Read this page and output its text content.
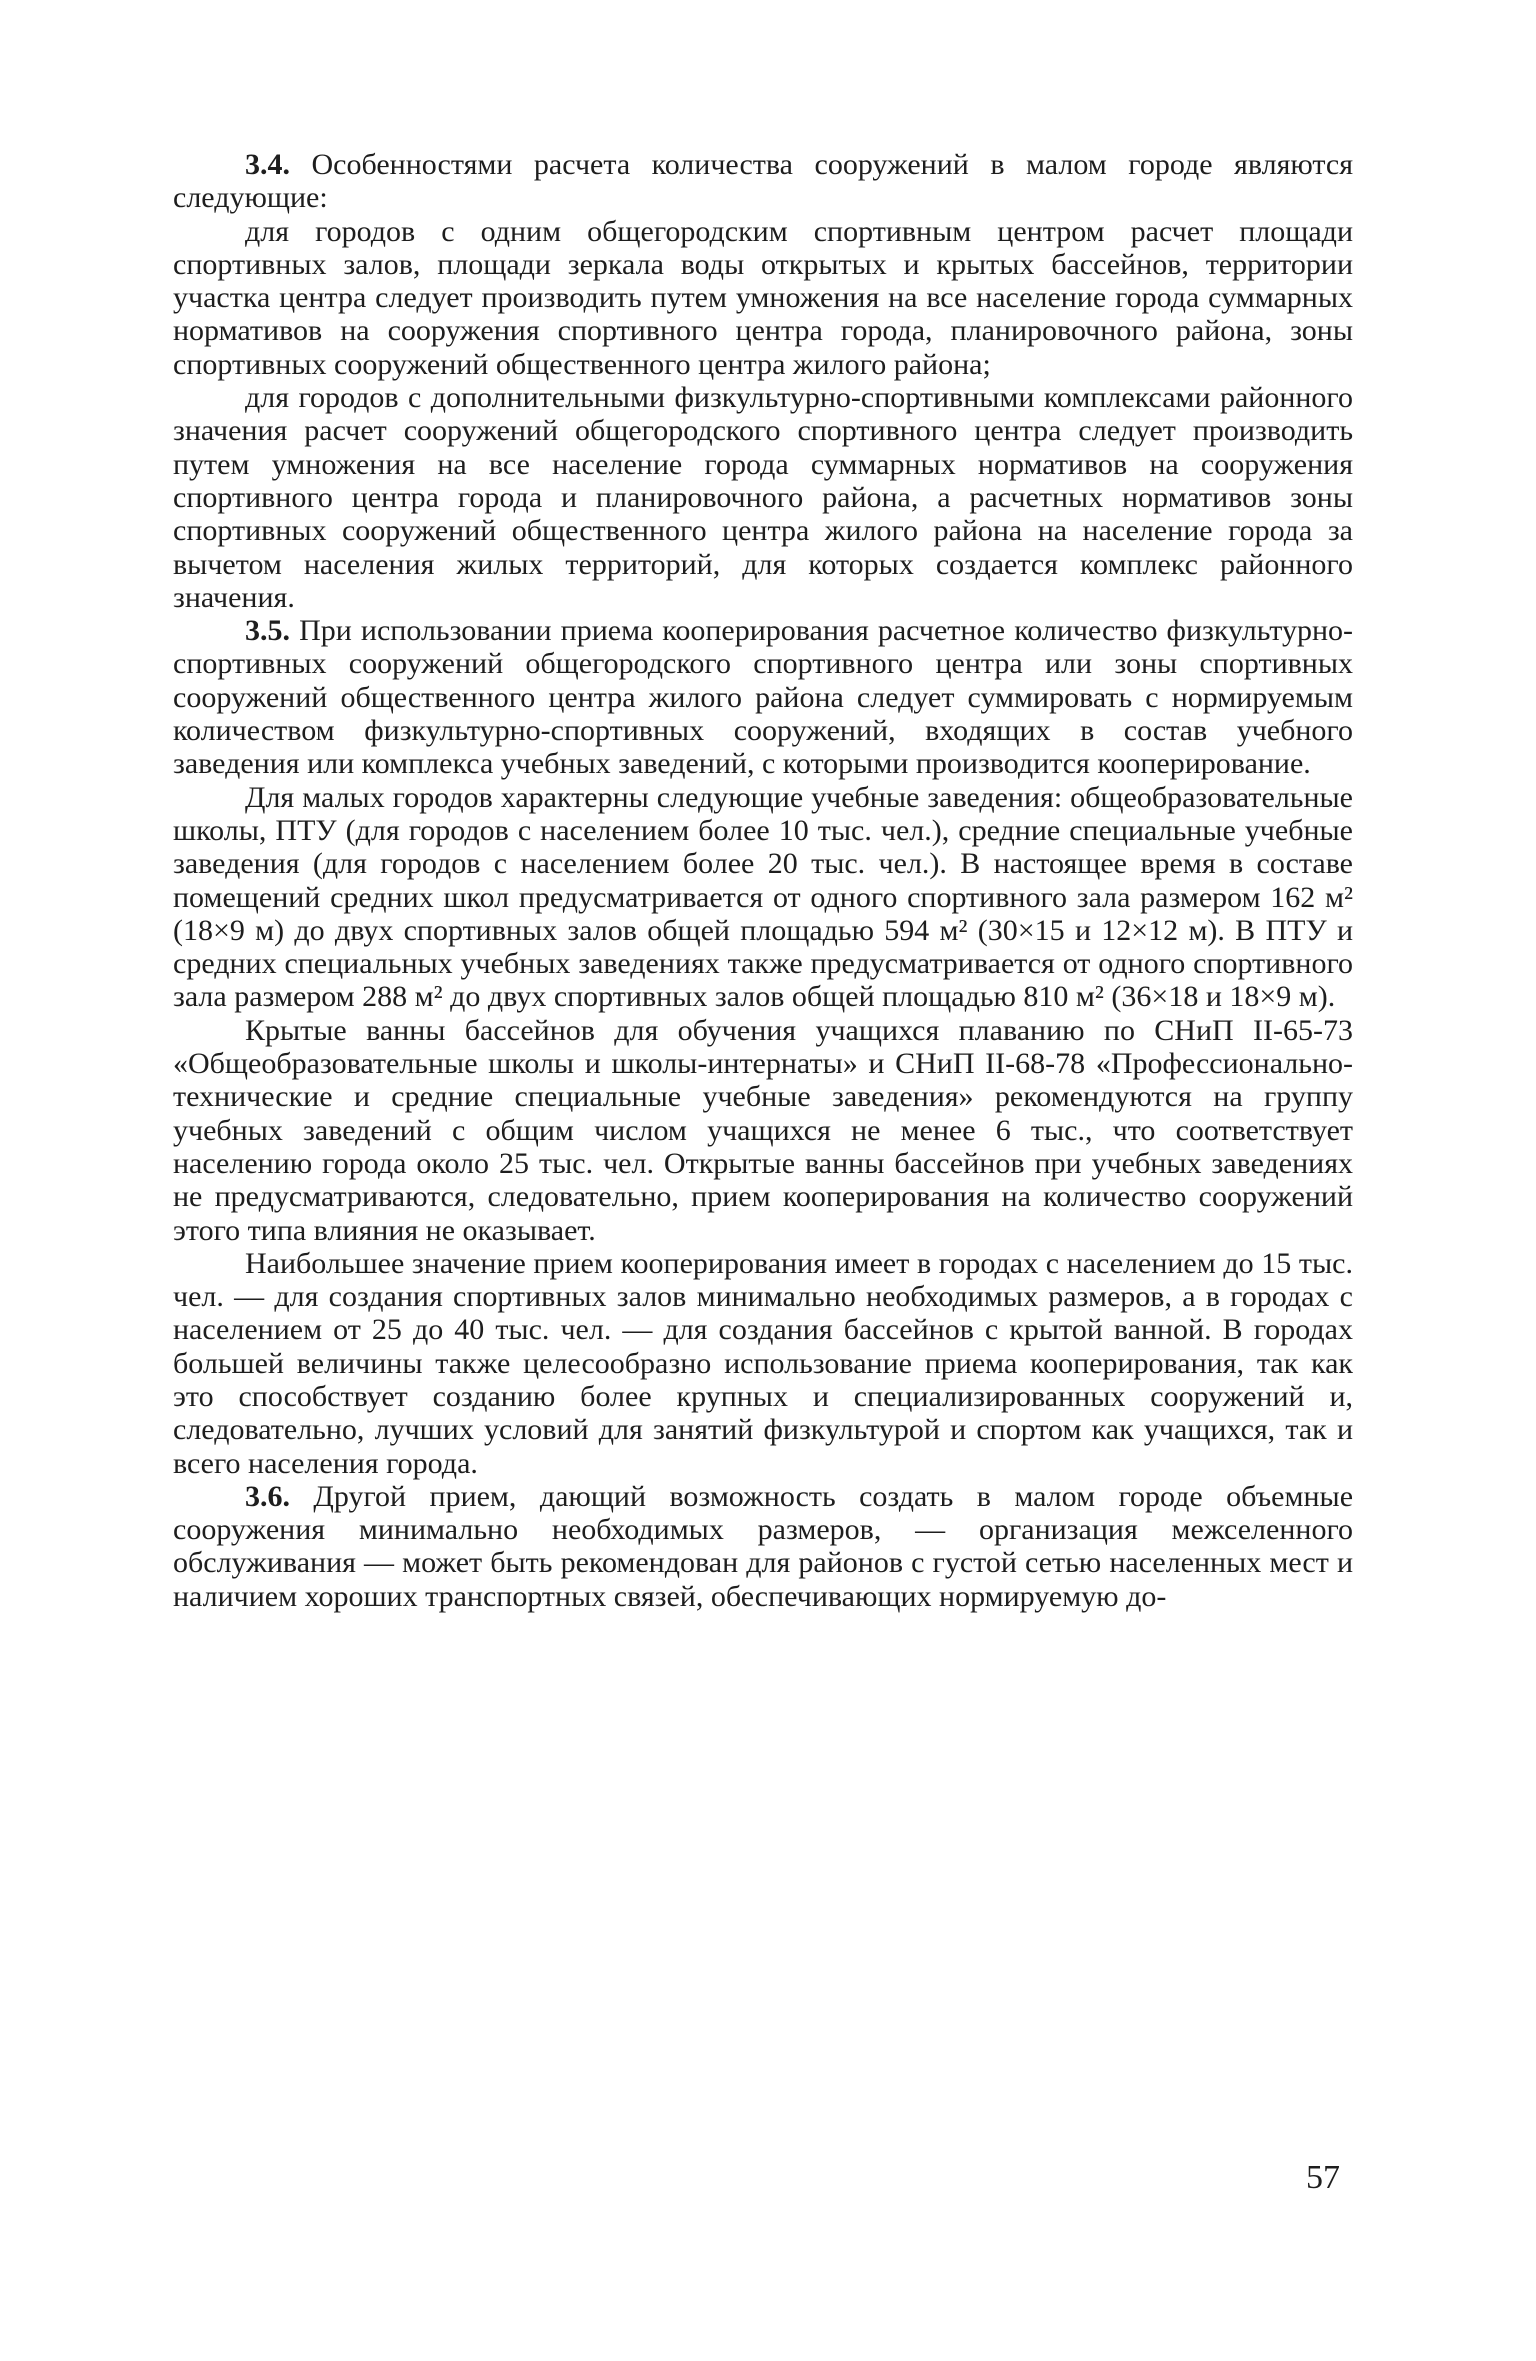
3.4. Особенностями расчета количества сооружений в малом городе являются следующие:

для городов с одним общегородским спортивным центром расчет площади спортивных залов, площади зеркала воды открытых и крытых бассейнов, территории участка центра следует производить путем умножения на все население города суммарных нормативов на сооружения спортивного центра города, планировочного района, зоны спортивных сооружений общественного центра жилого района;

для городов с дополнительными физкультурно-спортивными комплексами районного значения расчет сооружений общегородского спортивного центра следует производить путем умножения на все население города суммарных нормативов на сооружения спортивного центра города и планировочного района, а расчетных нормативов зоны спортивных сооружений общественного центра жилого района на население города за вычетом населения жилых территорий, для которых создается комплекс районного значения.

3.5. При использовании приема кооперирования расчетное количество физкультурно-спортивных сооружений общегородского спортивного центра или зоны спортивных сооружений общественного центра жилого района следует суммировать с нормируемым количеством физкультурно-спортивных сооружений, входящих в состав учебного заведения или комплекса учебных заведений, с которыми производится кооперирование.

Для малых городов характерны следующие учебные заведения: общеобразовательные школы, ПТУ (для городов с населением более 10 тыс. чел.), средние специальные учебные заведения (для городов с населением более 20 тыс. чел.). В настоящее время в составе помещений средних школ предусматривается от одного спортивного зала размером 162 м² (18×9 м) до двух спортивных залов общей площадью 594 м² (30×15 и 12×12 м). В ПТУ и средних специальных учебных заведениях также предусматривается от одного спортивного зала размером 288 м² до двух спортивных залов общей площадью 810 м² (36×18 и 18×9 м).

Крытые ванны бассейнов для обучения учащихся плаванию по СНиП II-65-73 «Общеобразовательные школы и школы-интернаты» и СНиП II-68-78 «Профессионально-технические и средние специальные учебные заведения» рекомендуются на группу учебных заведений с общим числом учащихся не менее 6 тыс., что соответствует населению города около 25 тыс. чел. Открытые ванны бассейнов при учебных заведениях не предусматриваются, следовательно, прием кооперирования на количество сооружений этого типа влияния не оказывает.

Наибольшее значение прием кооперирования имеет в городах с населением до 15 тыс. чел. — для создания спортивных залов минимально необходимых размеров, а в городах с населением от 25 до 40 тыс. чел. — для создания бассейнов с крытой ванной. В городах большей величины также целесообразно использование приема кооперирования, так как это способствует созданию более крупных и специализированных сооружений и, следовательно, лучших условий для занятий физкультурой и спортом как учащихся, так и всего населения города.

3.6. Другой прием, дающий возможность создать в малом городе объемные сооружения минимально необходимых размеров, — организация межселенного обслуживания — может быть рекомендован для районов с густой сетью населенных мест и наличием хороших транспортных связей, обеспечивающих нормируемую до-

57
